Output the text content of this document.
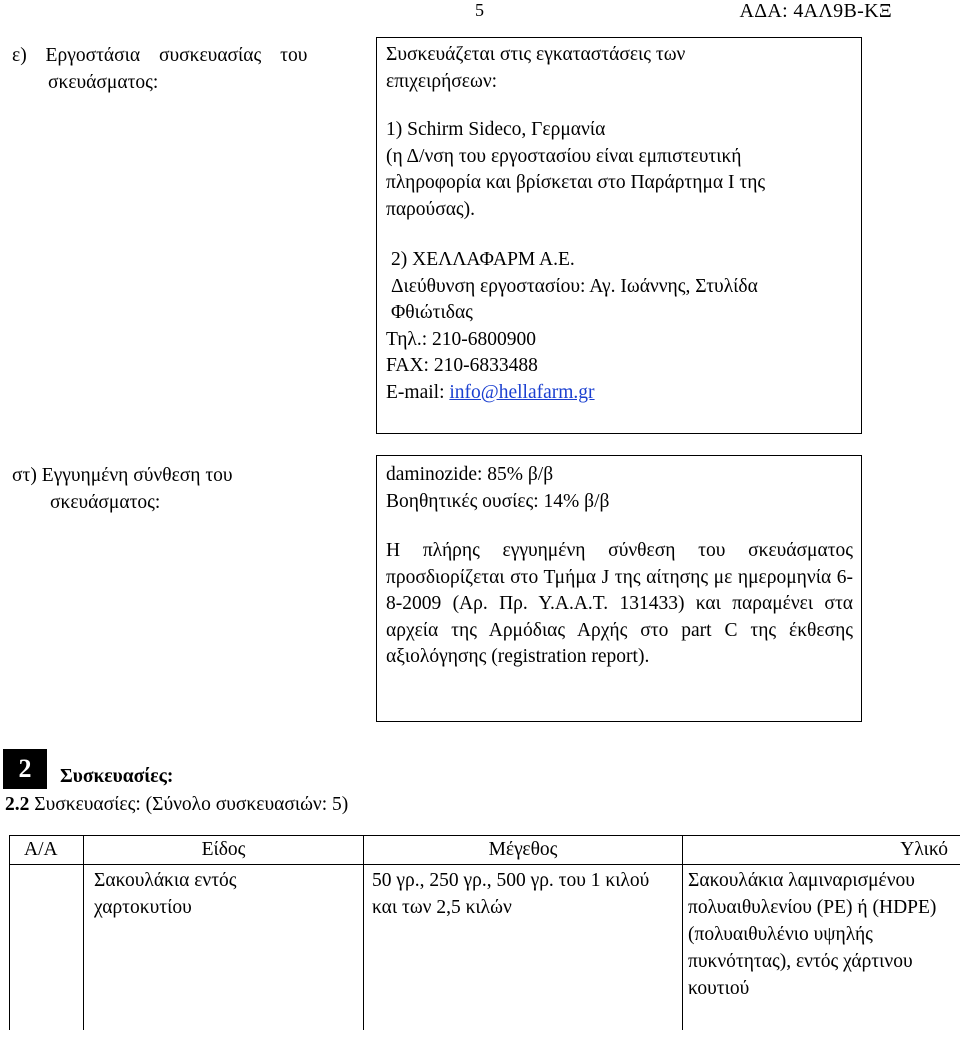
5	ΑΔΑ: 4ΑΛ9Β-ΚΞ
ε) Εργοστάσια συσκευασίας του
σκευάσματος:
Συσκευάζεται στις εγκαταστάσεις των
επιχειρήσεων:
1) Schirm Sideco, Γερμανία
(η Δ/νση του εργοστασίου είναι εμπιστευτική
πληροφορία και βρίσκεται στο Παράρτημα Ι της
παρούσας).
2) ΧΕΛΛΑΦΑΡΜ Α.Ε.
Διεύθυνση εργοστασίου: Αγ. Ιωάννης, Στυλίδα
Φθιώτιδας
Τηλ.: 210-6800900
FAX: 210-6833488
E-mail: info@hellafarm.gr
στ) Εγγυημένη σύνθεση του
σκευάσματος:
daminozide: 85% β/β
Βοηθητικές ουσίες: 14% β/β
Η πλήρης εγγυημένη σύνθεση του σκευάσματος προσδιορίζεται στο Τμήμα J της αίτησης με ημερομηνία 6-8-2009 (Αρ. Πρ. Υ.Α.Α.Τ. 131433) και παραμένει στα αρχεία της Αρμόδιας Αρχής στο part C της έκθεσης αξιολόγησης (registration report).
2	Συσκευασίες:
2.2 Συσκευασίες: (Σύνολο συσκευασιών: 5)
Α/Α	Είδος	Μέγεθος	Υλικό
	Σακουλάκια εντός χαρτοκυτίου	50 γρ., 250 γρ., 500 γρ. του 1 κιλού και των 2,5 κιλών	Σακουλάκια λαμιναρισμένου πολυαιθυλενίου (PE) ή (HDPE) (πολυαιθυλένιο υψηλής πυκνότητας), εντός χάρτινου κουτιού
